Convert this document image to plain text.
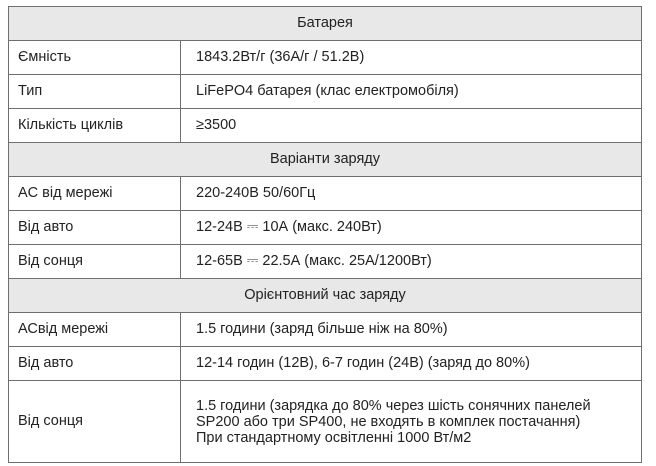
Батарея	
Ємність	1843.2Вт/г (36А/г / 51.2В)
Тип	LiFePO4 батарея (клас електромобіля)
Кількість циклів	≥3500
Варіанти заряду	
AC від мережі	220-240В 50/60Гц
Від авто	12-24В ⎓ 10А (макс. 240Вт)
Від сонця	12-65В ⎓ 22.5А (макс. 25А/1200Вт)
Орієнтовний час заряду	
АСвід мережі	1.5 години (заряд більше ніж на 80%)
Від авто	12-14 годин (12В), 6-7 годин (24В) (заряд до 80%)
Від сонця	1.5 години (зарядка до 80% через шість сонячних панелей
SP200 або три SP400, не входять в комплек постачання)
При стандартному освітленні 1000 Вт/м2
